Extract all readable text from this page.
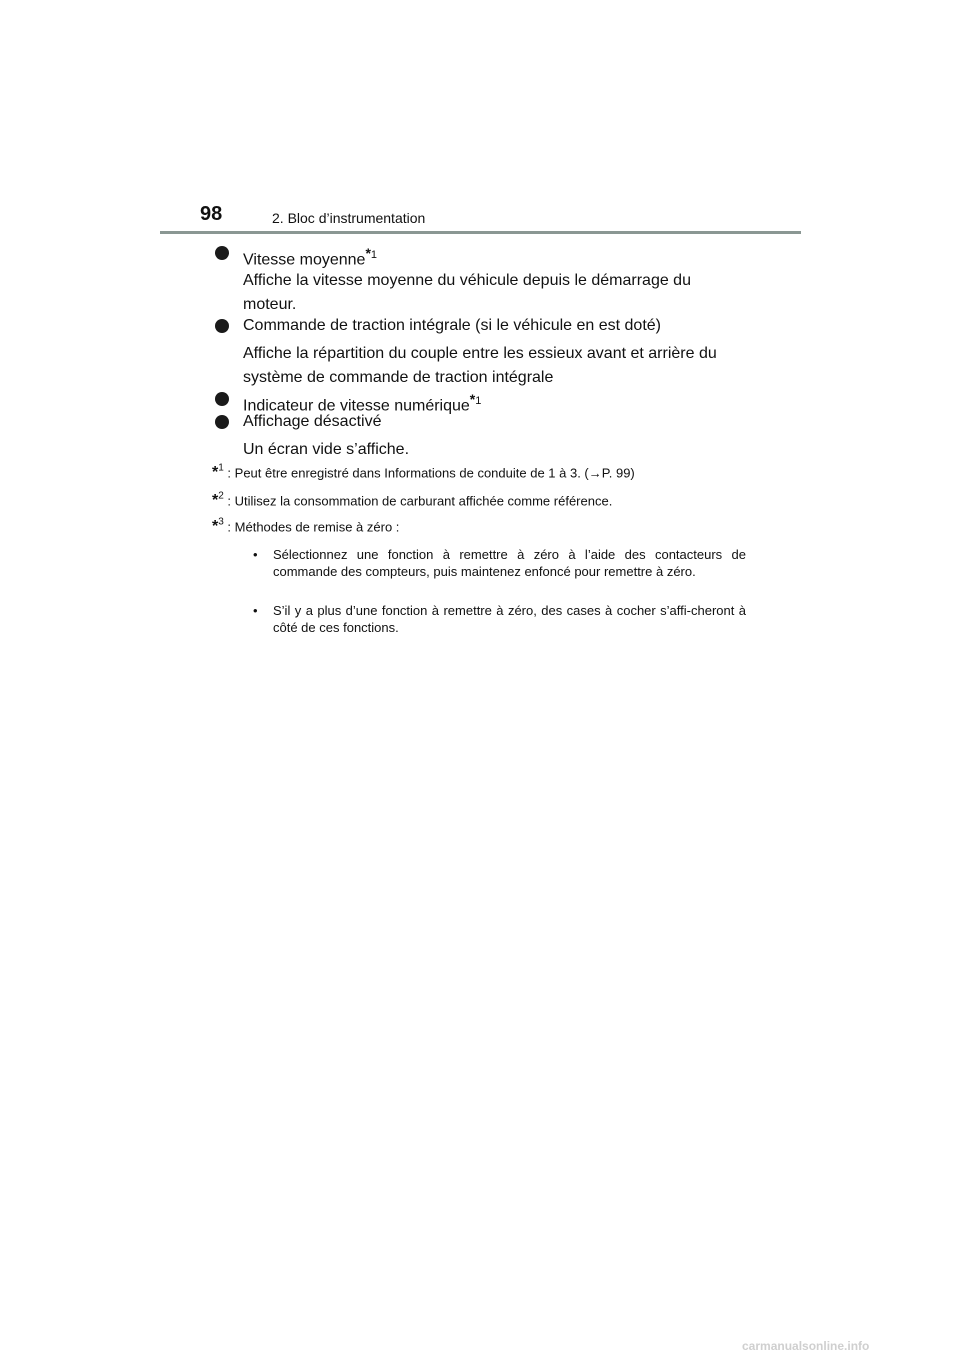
98	2. Bloc d’instrumentation
Vitesse moyenne$^{*1}$
Affiche la vitesse moyenne du véhicule depuis le démarrage du
moteur.
Commande de traction intégrale (si le véhicule en est doté)
Affiche la répartition du couple entre les essieux avant et arrière du
système de commande de traction intégrale
Indicateur de vitesse numérique$^{*1}$
Affichage désactivé
Un écran vide s’affiche.
*$^1$ : Peut être enregistré dans Informations de conduite de 1 à 3. (→P. 99)
*$^2$ : Utilisez la consommation de carburant affichée comme référence.
*$^3$ : Méthodes de remise à zéro :
•	Sélectionnez une fonction à remettre à zéro à l’aide des contacteurs de commande des compteurs, puis maintenez enfoncé pour remettre à zéro.
•	S’il y a plus d’une fonction à remettre à zéro, des cases à cocher s’affi-cheront à côté de ces fonctions.
carmanualsonline.info
